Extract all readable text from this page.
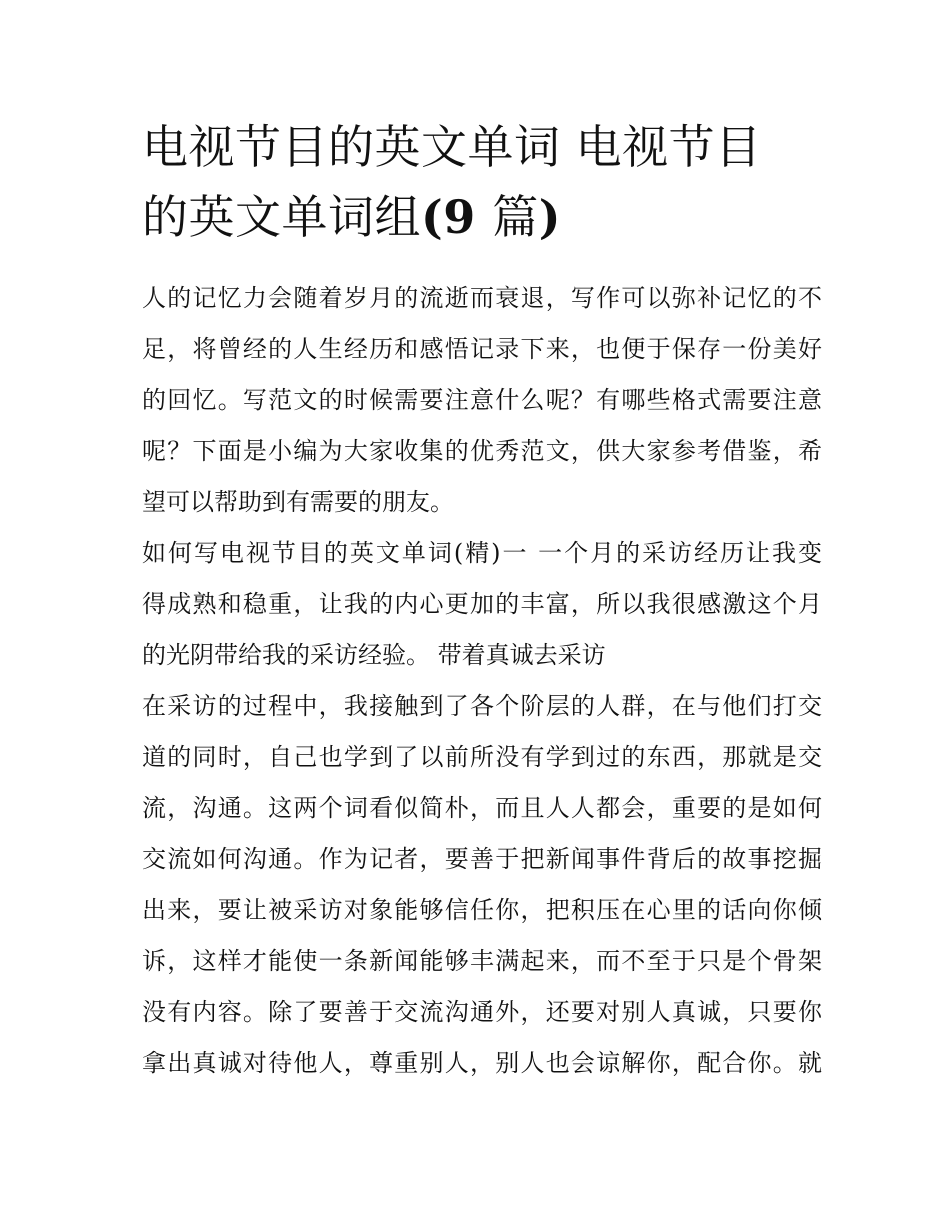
电视节目的英文单词 电视节目
的英文单词组(9 篇)

人的记忆力会随着岁月的流逝而衰退，写作可以弥补记忆的不

足，将曾经的人生经历和感悟记录下来，也便于保存一份美好

的回忆。写范文的时候需要注意什么呢？有哪些格式需要注意

呢？下面是小编为大家收集的优秀范文，供大家参考借鉴，希

望可以帮助到有需要的朋友。

如何写电视节目的英文单词(精)一 一个月的采访经历让我变

得成熟和稳重，让我的内心更加的丰富，所以我很感激这个月

的光阴带给我的采访经验。 带着真诚去采访

在采访的过程中，我接触到了各个阶层的人群，在与他们打交

道的同时，自己也学到了以前所没有学到过的东西，那就是交

流，沟通。这两个词看似简朴，而且人人都会，重要的是如何

交流如何沟通。作为记者，要善于把新闻事件背后的故事挖掘

出来，要让被采访对象能够信任你，把积压在心里的话向你倾

诉，这样才能使一条新闻能够丰满起来，而不至于只是个骨架

没有内容。除了要善于交流沟通外，还要对别人真诚，只要你

拿出真诚对待他人，尊重别人，别人也会谅解你，配合你。就
